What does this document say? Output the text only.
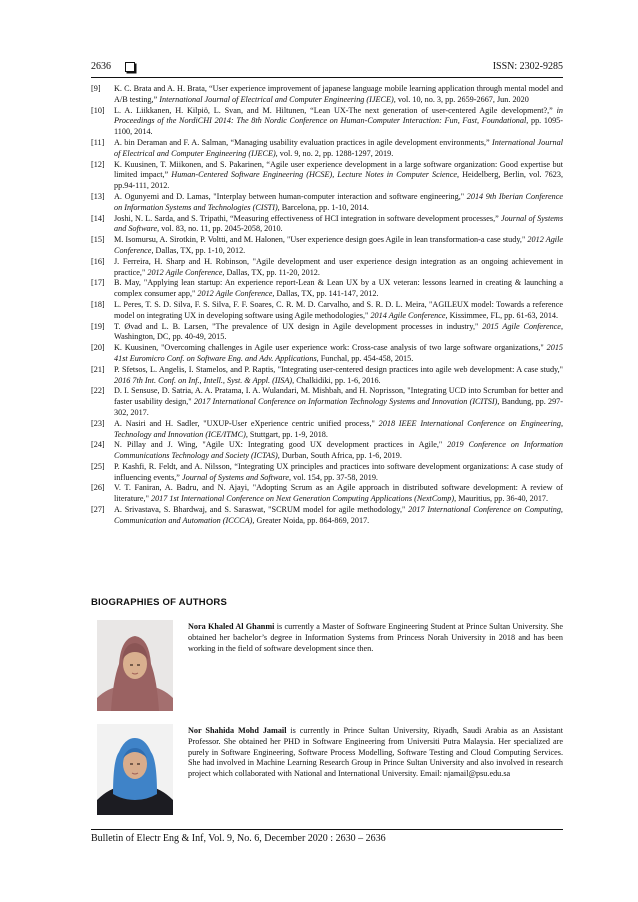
2636	ISSN: 2302-9285

[9] K. C. Brata and A. H. Brata, “User experience improvement of japanese language mobile learning application through mental model and A/B testing,” International Journal of Electrical and Computer Engineering (IJECE), vol. 10, no. 3, pp. 2659-2667, Jun. 2020

[10] L. A. Liikkanen, H. Kilpiö, L. Svan, and M. Hiltunen, “Lean UX-The next generation of user-centered Agile development?,” in Proceedings of the NordiCHI 2014: The 8th Nordic Conference on Human-Computer Interaction: Fun, Fast, Foundational, pp. 1095-1100, 2014.

[11] A. bin Deraman and F. A. Salman, “Managing usability evaluation practices in agile development environments,” International Journal of Electrical and Computer Engineering (IJECE), vol. 9, no. 2, pp. 1288-1297, 2019.

[12] K. Kuusinen, T. Miikonen, and S. Pakarinen, “Agile user experience development in a large software organization: Good expertise but limited impact,” Human-Centered Software Engineering (HCSE), Lecture Notes in Computer Science, Heidelberg, Berlin, vol. 7623, pp.94-111, 2012.

[13] A. Ogunyemi and D. Lamas, "Interplay between human-computer interaction and software engineering," 2014 9th Iberian Conference on Information Systems and Technologies (CISTI), Barcelona, pp. 1-10, 2014.

[14] Joshi, N. L. Sarda, and S. Tripathi, “Measuring effectiveness of HCI integration in software development processes,” Journal of Systems and Software, vol. 83, no. 11, pp. 2045-2058, 2010.

[15] M. Isomursu, A. Sirotkin, P. Voltti, and M. Halonen, "User experience design goes Agile in lean transformation-a case study," 2012 Agile Conference, Dallas, TX, pp. 1-10, 2012.

[16] J. Ferreira, H. Sharp and H. Robinson, "Agile development and user experience design integration as an ongoing achievement in practice," 2012 Agile Conference, Dallas, TX, pp. 11-20, 2012.

[17] B. May, "Applying lean startup: An experience report-Lean & Lean UX by a UX veteran: lessons learned in creating & launching a complex consumer app," 2012 Agile Conference, Dallas, TX, pp. 141-147, 2012.

[18] L. Peres, T. S. D. Silva, F. S. Silva, F. F. Soares, C. R. M. D. Carvalho, and S. R. D. L. Meira, "AGILEUX model: Towards a reference model on integrating UX in developing software using Agile methodologies," 2014 Agile Conference, Kissimmee, FL, pp. 61-63, 2014.

[19] T. Øvad and L. B. Larsen, "The prevalence of UX design in Agile development processes in industry," 2015 Agile Conference, Washington, DC, pp. 40-49, 2015.

[20] K. Kuusinen, "Overcoming challenges in Agile user experience work: Cross-case analysis of two large software organizations," 2015 41st Euromicro Conf. on Software Eng. and Adv. Applications, Funchal, pp. 454-458, 2015.

[21] P. Sfetsos, L. Angelis, I. Stamelos, and P. Raptis, "Integrating user-centered design practices into agile web development: A case study," 2016 7th Int. Conf. on Inf., Intell., Syst. & Appl. (IISA), Chalkidiki, pp. 1-6, 2016.

[22] D. I. Sensuse, D. Satria, A. A. Pratama, I. A. Wulandari, M. Mishbah, and H. Noprisson, "Integrating UCD into Scrumban for better and faster usability design," 2017 International Conference on Information Technology Systems and Innovation (ICITSI), Bandung, pp. 297-302, 2017.

[23] A. Nasiri and H. Sadler, "UXUP-User eXperience centric unified process," 2018 IEEE International Conference on Engineering, Technology and Innovation (ICE/ITMC), Stuttgart, pp. 1-9, 2018.

[24] N. Pillay and J. Wing, "Agile UX: Integrating good UX development practices in Agile," 2019 Conference on Information Communications Technology and Society (ICTAS), Durban, South Africa, pp. 1-6, 2019.

[25] P. Kashfi, R. Feldt, and A. Nilsson, “Integrating UX principles and practices into software development organizations: A case study of influencing events,” Journal of Systems and Software, vol. 154, pp. 37-58, 2019.

[26] V. T. Faniran, A. Badru, and N. Ajayi, "Adopting Scrum as an Agile approach in distributed software development: A review of literature," 2017 1st International Conference on Next Generation Computing Applications (NextComp), Mauritius, pp. 36-40, 2017.

[27] A. Srivastava, S. Bhardwaj, and S. Saraswat, "SCRUM model for agile methodology," 2017 International Conference on Computing, Communication and Automation (ICCCA), Greater Noida, pp. 864-869, 2017.

BIOGRAPHIES OF AUTHORS
Nora Khaled Al Ghanmi is currently a Master of Software Engineering Student at Prince Sultan University. She obtained her bachelor’s degree in Information Systems from Princess Norah University in 2018 and has been working in the field of software development since then.
Nor Shahida Mohd Jamail is currently in Prince Sultan University, Riyadh, Saudi Arabia as an Assistant Professor. She obtained her PHD in Software Engineering from Universiti Putra Malaysia. Her specialized are purely in Software Engineering, Software Process Modelling, Software Testing and Cloud Computing Services. She had involved in Machine Learning Research Group in Prince Sultan University and also involved in research project which collaborated with National and International University. Email: njamail@psu.edu.sa
Bulletin of Electr Eng & Inf, Vol. 9, No. 6, December 2020 : 2630 – 2636
